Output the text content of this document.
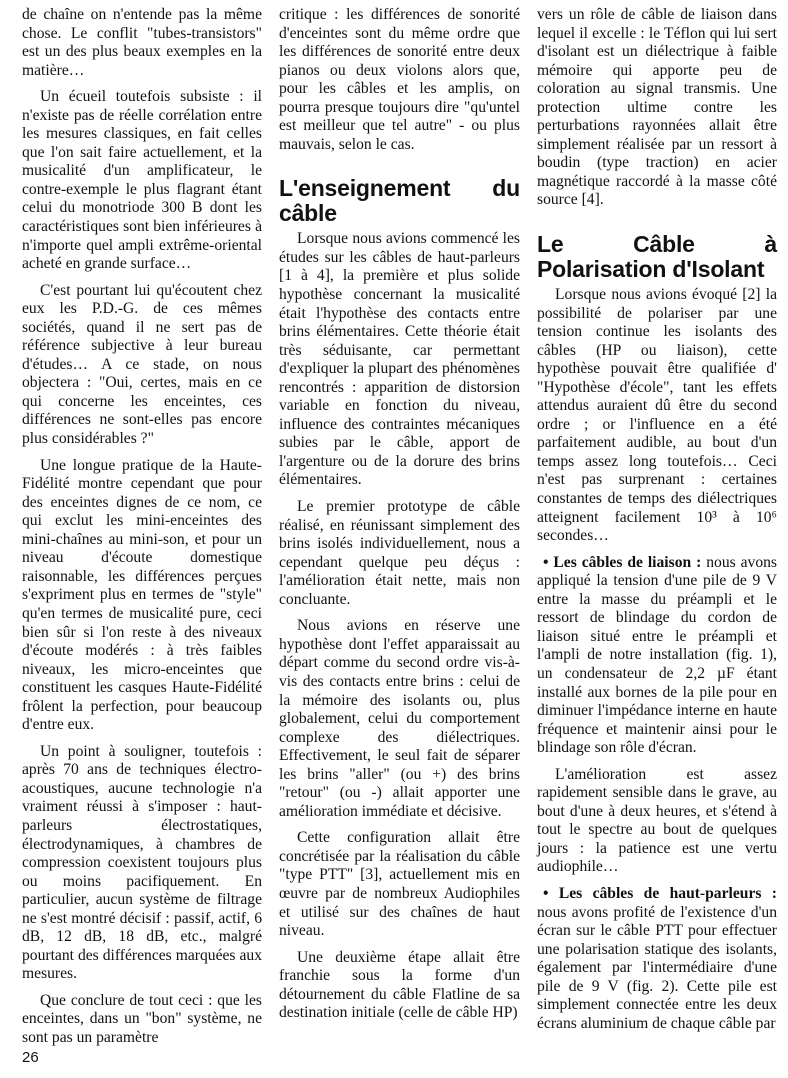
de chaîne on n'entende pas la même chose. Le conflit "tubes-transistors" est un des plus beaux exemples en la matière…

Un écueil toutefois subsiste : il n'existe pas de réelle corrélation entre les mesures classiques, en fait celles que l'on sait faire actuellement, et la musicalité d'un amplificateur, le contre-exemple le plus flagrant étant celui du monotriode 300 B dont les caractéristiques sont bien inférieures à n'importe quel ampli extrême-oriental acheté en grande surface…

C'est pourtant lui qu'écoutent chez eux les P.D.-G. de ces mêmes sociétés, quand il ne sert pas de référence subjective à leur bureau d'études… A ce stade, on nous objectera : "Oui, certes, mais en ce qui concerne les enceintes, ces différences ne sont-elles pas encore plus considérables ?"

Une longue pratique de la Haute-Fidélité montre cependant que pour des enceintes dignes de ce nom, ce qui exclut les mini-enceintes des mini-chaînes au mini-son, et pour un niveau d'écoute domestique raisonnable, les différences perçues s'expriment plus en termes de "style" qu'en termes de musicalité pure, ceci bien sûr si l'on reste à des niveaux d'écoute modérés : à très faibles niveaux, les micro-enceintes que constituent les casques Haute-Fidélité frôlent la perfection, pour beaucoup d'entre eux.

Un point à souligner, toutefois : après 70 ans de techniques électro-acoustiques, aucune technologie n'a vraiment réussi à s'imposer : haut-parleurs électrostatiques, électrodynamiques, à chambres de compression coexistent toujours plus ou moins pacifiquement. En particulier, aucun système de filtrage ne s'est montré décisif : passif, actif, 6 dB, 12 dB, 18 dB, etc., malgré pourtant des différences marquées aux mesures.

Que conclure de tout ceci : que les enceintes, dans un "bon" système, ne sont pas un paramètre

critique : les différences de sonorité d'enceintes sont du même ordre que les différences de sonorité entre deux pianos ou deux violons alors que, pour les câbles et les amplis, on pourra presque toujours dire "qu'untel est meilleur que tel autre" - ou plus mauvais, selon le cas.

L'enseignement du câble

Lorsque nous avions commencé les études sur les câbles de haut-parleurs [1 à 4], la première et plus solide hypothèse concernant la musicalité était l'hypothèse des contacts entre brins élémentaires. Cette théorie était très séduisante, car permettant d'expliquer la plupart des phénomènes rencontrés : apparition de distorsion variable en fonction du niveau, influence des contraintes mécaniques subies par le câble, apport de l'argenture ou de la dorure des brins élémentaires.

Le premier prototype de câble réalisé, en réunissant simplement des brins isolés individuellement, nous a cependant quelque peu déçus : l'amélioration était nette, mais non concluante.

Nous avions en réserve une hypothèse dont l'effet apparaissait au départ comme du second ordre vis-à-vis des contacts entre brins : celui de la mémoire des isolants ou, plus globalement, celui du comportement complexe des diélectriques. Effectivement, le seul fait de séparer les brins "aller" (ou +) des brins "retour" (ou -) allait apporter une amélioration immédiate et décisive.

Cette configuration allait être concrétisée par la réalisation du câble "type PTT" [3], actuellement mis en œuvre par de nombreux Audiophiles et utilisé sur des chaînes de haut niveau.

Une deuxième étape allait être franchie sous la forme d'un détournement du câble Flatline de sa destination initiale (celle de câble HP)

vers un rôle de câble de liaison dans lequel il excelle : le Téflon qui lui sert d'isolant est un diélectrique à faible mémoire qui apporte peu de coloration au signal transmis. Une protection ultime contre les perturbations rayonnées allait être simplement réalisée par un ressort à boudin (type traction) en acier magnétique raccordé à la masse côté source [4].

Le Câble à Polarisation d'Isolant

Lorsque nous avions évoqué [2] la possibilité de polariser par une tension continue les isolants des câbles (HP ou liaison), cette hypothèse pouvait être qualifiée d' "Hypothèse d'école", tant les effets attendus auraient dû être du second ordre ; or l'influence en a été parfaitement audible, au bout d'un temps assez long toutefois… Ceci n'est pas surprenant : certaines constantes de temps des diélectriques atteignent facilement 10³ à 10⁶ secondes…

• Les câbles de liaison : nous avons appliqué la tension d'une pile de 9 V entre la masse du préampli et le ressort de blindage du cordon de liaison situé entre le préampli et l'ampli de notre installation (fig. 1), un condensateur de 2,2 µF étant installé aux bornes de la pile pour en diminuer l'impédance interne en haute fréquence et maintenir ainsi pour le blindage son rôle d'écran.

L'amélioration est assez rapidement sensible dans le grave, au bout d'une à deux heures, et s'étend à tout le spectre au bout de quelques jours : la patience est une vertu audiophile…

• Les câbles de haut-parleurs : nous avons profité de l'existence d'un écran sur le câble PTT pour effectuer une polarisation statique des isolants, également par l'intermédiaire d'une pile de 9 V (fig. 2). Cette pile est simplement connectée entre les deux écrans aluminium de chaque câble par

26
